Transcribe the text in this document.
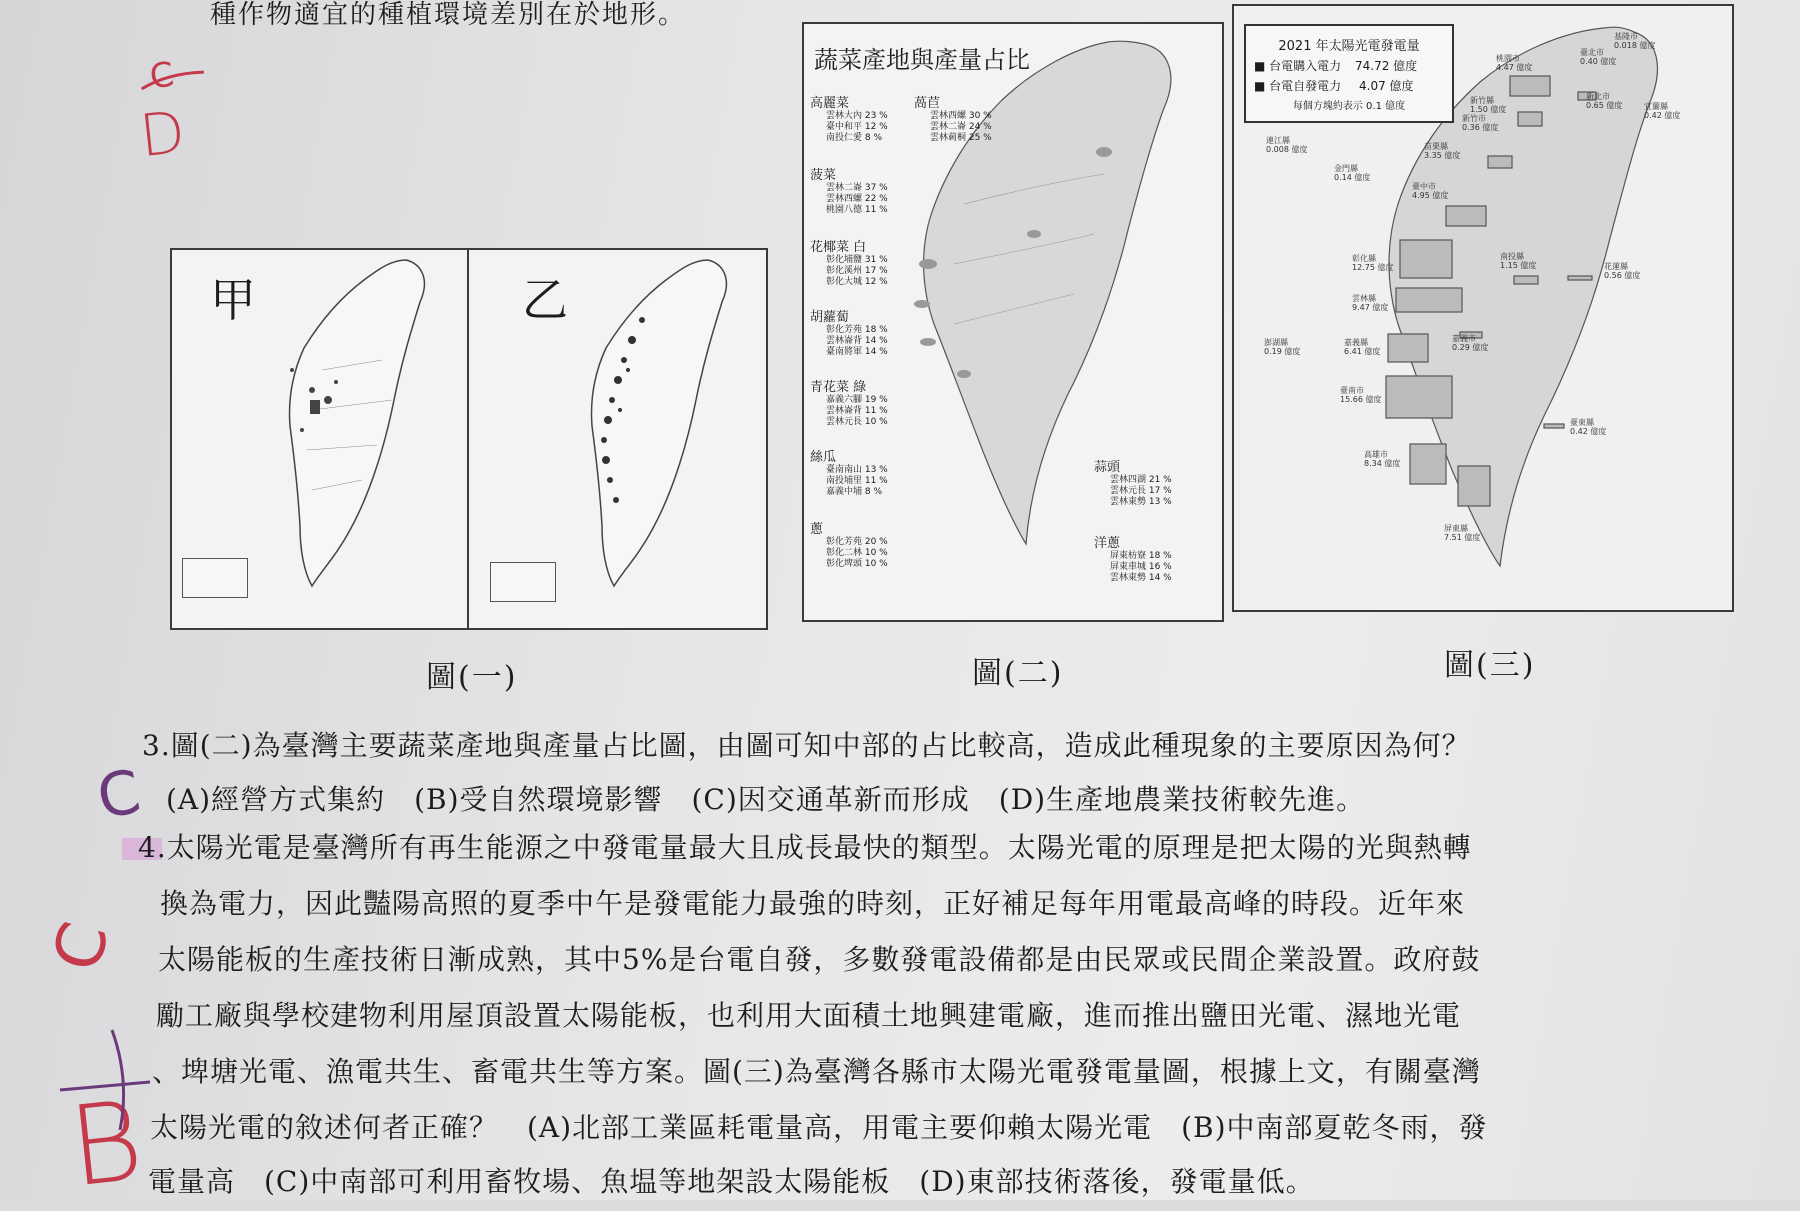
種作物適宜的種植環境差別在於地形。
C
D
C
C
B
甲	乙
圖(一)
蔬菜產地與產量占比
高麗菜
雲林大內 23 %
臺中和平 12 %
南投仁愛 8 %
萵苣
雲林西螺 30 %
雲林二崙 24 %
雲林莿桐 25 %
菠菜
雲林二崙 37 %
雲林西螺 22 %
桃園八德 11 %
花椰菜 白
彰化埔鹽 31 %
彰化溪州 17 %
彰化大城 12 %
胡蘿蔔
彰化芳苑 18 %
雲林崙背 14 %
臺南將軍 14 %
青花菜 綠
嘉義六腳 19 %
雲林崙背 11 %
雲林元長 10 %
絲瓜
臺南南山 13 %
南投埔里 11 %
嘉義中埔 8 %
蔥
彰化芳苑 20 %
彰化二林 10 %
彰化埤頭 10 %
蒜頭
雲林四湖 21 %
雲林元長 17 %
雲林東勢 13 %
洋蔥
屏東枋寮 18 %
屏東車城 16 %
雲林東勢 14 %
圖(二)
2021 年太陽光電發電量
■ 台電購入電力 74.72 億度
■ 台電自發電力 4.07 億度
每個方塊約表示 0.1 億度
連江縣
0.008 億度
金門縣
0.14 億度
澎湖縣
0.19 億度
彰化縣
12.75 億度
雲林縣
9.47 億度
嘉義縣
6.41 億度
臺南市
15.66 億度
高雄市
8.34 億度
屏東縣
7.51 億度
臺東縣
0.42 億度
花蓮縣
0.56 億度
宜蘭縣
0.42 億度
南投縣
1.15 億度
嘉義市
0.29 億度
臺中市
4.95 億度
苗栗縣
3.35 億度
新竹縣
1.50 億度
新竹市
0.36 億度
桃園市
4.47 億度
臺北市
0.40 億度
新北市
0.65 億度
基隆市
0.018 億度
圖(三)
3.圖(二)為臺灣主要蔬菜產地與產量占比圖，由圖可知中部的占比較高，造成此種現象的主要原因為何？
(A)經營方式集約　(B)受自然環境影響　(C)因交通革新而形成　(D)生產地農業技術較先進。
4.太陽光電是臺灣所有再生能源之中發電量最大且成長最快的類型。太陽光電的原理是把太陽的光與熱轉
換為電力，因此豔陽高照的夏季中午是發電能力最強的時刻，正好補足每年用電最高峰的時段。近年來
太陽能板的生產技術日漸成熟，其中5%是台電自發，多數發電設備都是由民眾或民間企業設置。政府鼓
勵工廠與學校建物利用屋頂設置太陽能板，也利用大面積土地興建電廠，進而推出鹽田光電、濕地光電
、埤塘光電、漁電共生、畜電共生等方案。圖(三)為臺灣各縣市太陽光電發電量圖，根據上文，有關臺灣
太陽光電的敘述何者正確？　(A)北部工業區耗電量高，用電主要仰賴太陽光電　(B)中南部夏乾冬雨，發
電量高　(C)中南部可利用畜牧場、魚塭等地架設太陽能板　(D)東部技術落後，發電量低。
